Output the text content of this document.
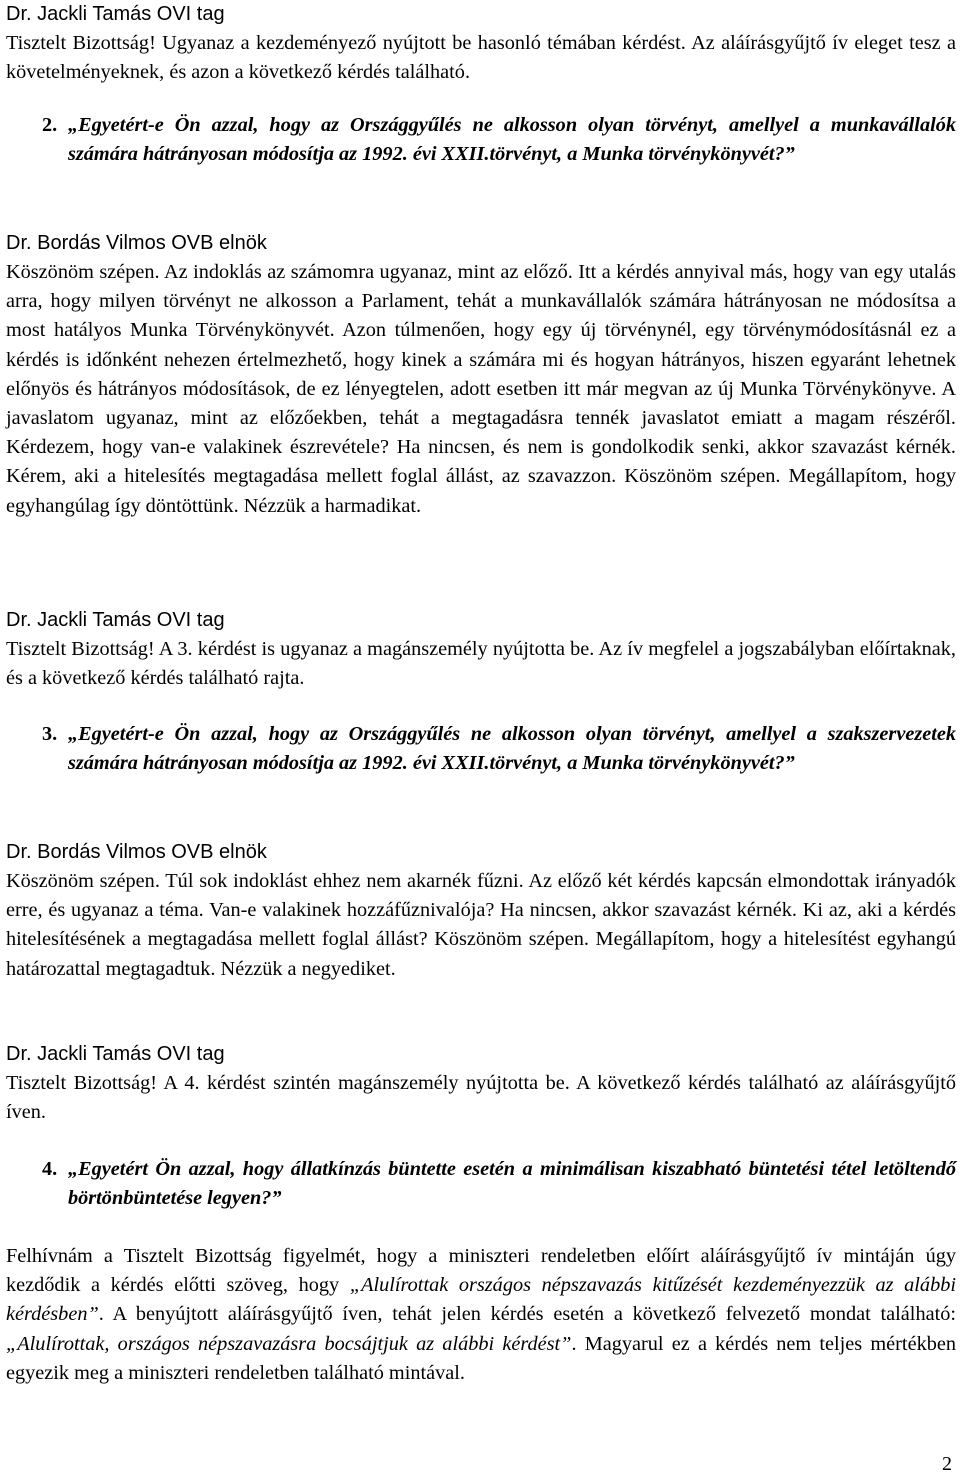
Dr. Jackli Tamás OVI tag

Tisztelt Bizottság! Ugyanaz a kezdeményező nyújtott be hasonló témában kérdést. Az aláírásgyűjtő ív eleget tesz a követelményeknek, és azon a következő kérdés található.

2. „Egyetért-e Ön azzal, hogy az Országgyűlés ne alkosson olyan törvényt, amellyel a munkavállalók számára hátrányosan módosítja az 1992. évi XXII.törvényt, a Munka törvénykönyvét?”
Dr. Bordás Vilmos OVB elnök

Köszönöm szépen. Az indoklás az számomra ugyanaz, mint az előző. Itt a kérdés annyival más, hogy van egy utalás arra, hogy milyen törvényt ne alkosson a Parlament, tehát a munkavállalók számára hátrányosan ne módosítsa a most hatályos Munka Törvénykönyvét. Azon túlmenően, hogy egy új törvénynél, egy törvénymódosításnál ez a kérdés is időnként nehezen értelmezhető, hogy kinek a számára mi és hogyan hátrányos, hiszen egyaránt lehetnek előnyös és hátrányos módosítások, de ez lényegtelen, adott esetben itt már megvan az új Munka Törvénykönyve. A javaslatom ugyanaz, mint az előzőekben, tehát a megtagadásra tennék javaslatot emiatt a magam részéről. Kérdezem, hogy van-e valakinek észrevétele? Ha nincsen, és nem is gondolkodik senki, akkor szavazást kérnék. Kérem, aki a hitelesítés megtagadása mellett foglal állást, az szavazzon. Köszönöm szépen. Megállapítom, hogy egyhangúlag így döntöttünk. Nézzük a harmadikat.

Dr. Jackli Tamás OVI tag

Tisztelt Bizottság! A 3. kérdést is ugyanaz a magánszemély nyújtotta be. Az ív megfelel a jogszabályban előírtaknak, és a következő kérdés található rajta.

3. „Egyetért-e Ön azzal, hogy az Országgyűlés ne alkosson olyan törvényt, amellyel a szakszervezetek számára hátrányosan módosítja az 1992. évi XXII.törvényt, a Munka törvénykönyvét?”
Dr. Bordás Vilmos OVB elnök

Köszönöm szépen. Túl sok indoklást ehhez nem akarnék fűzni. Az előző két kérdés kapcsán elmondottak irányadók erre, és ugyanaz a téma. Van-e valakinek hozzáfűznivalója? Ha nincsen, akkor szavazást kérnék. Ki az, aki a kérdés hitelesítésének a megtagadása mellett foglal állást? Köszönöm szépen. Megállapítom, hogy a hitelesítést egyhangú határozattal megtagadtuk. Nézzük a negyediket.

Dr. Jackli Tamás OVI tag

Tisztelt Bizottság! A 4. kérdést szintén magánszemély nyújtotta be. A következő kérdés található az aláírásgyűjtő íven.

4. „Egyetért Ön azzal, hogy állatkínzás büntette esetén a minimálisan kiszabható büntetési tétel letöltendő börtönbüntetése legyen?”

Felhívnám a Tisztelt Bizottság figyelmét, hogy a miniszteri rendeletben előírt aláírásgyűjtő ív mintáján úgy kezdődik a kérdés előtti szöveg, hogy „Alulírottak országos népszavazás kitűzését kezdeményezzük az alábbi kérdésben”. A benyújtott aláírásgyűjtő íven, tehát jelen kérdés esetén a következő felvezető mondat található: „Alulírottak, országos népszavazásra bocsájtjuk az alábbi kérdést”. Magyarul ez a kérdés nem teljes mértékben egyezik meg a miniszteri rendeletben található mintával.

2
